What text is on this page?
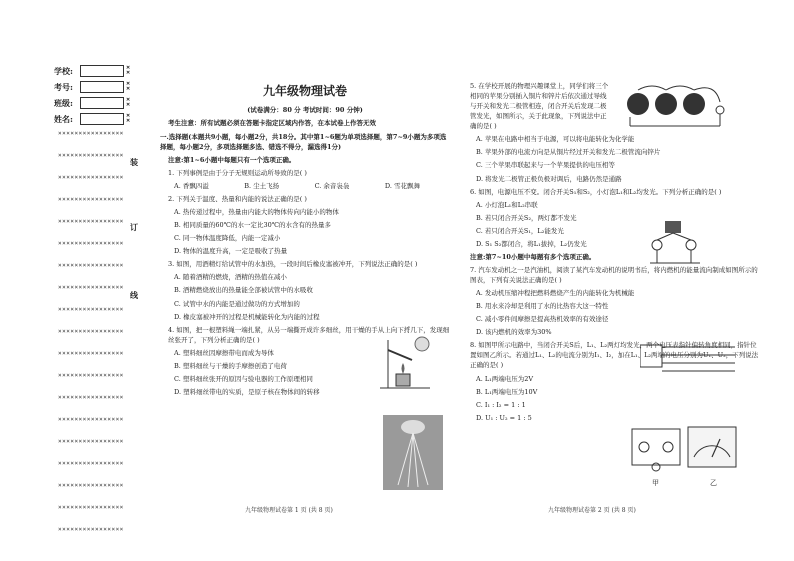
学校:	✕✕
考号:	✕✕
班级:	✕✕
姓名:	✕✕
××××××××××××××××
××××××××××××××××
××××××××××××××××
××××××××××××××××
××××××××××××××××
××××××××××××××××
××××××××××××××××
××××××××××××××××
××××××××××××××××
××××××××××××××××
××××××××××××××××
××××××××××××××××
××××××××××××××××
××××××××××××××××
××××××××××××××××
××××××××××××××××
××××××××××××××××
××××××××××××××××
××××××××××××××××
装
订
线
九年级物理试卷
(试卷满分：80 分 考试时间：90 分钟)
考生注意：所有试题必须在答题卡指定区域内作答，在本试卷上作答无效
一.选择题(本题共9小题，每小题2分，共18分。其中第1~6题为单项选择题，第7~9小题为多项选择题，每小题2分，多项选择题多选、错选不得分，漏选得1分)
注意:第1~6小题中每题只有一个选项正确。
1. 下列事例是由于分子无规则运动所导致的是( )
A. 香飘四溢	B. 尘土飞扬	C. 余音袅袅	D. 雪花飘舞
2. 下列关于温度、热量和内能的说法正确的是( )
A. 热传递过程中，热量由内能大的物体传向内能小的物体
B. 相同质量的60℃的水一定比30℃的水含有的热量多
C. 同一物体温度降低，内能一定减小
D. 物体的温度升高，一定是吸收了热量
3. 如图，用酒精灯给试管中的水加热，一段时间后橡皮塞被冲开，下列说法正确的是( )
A. 随着酒精的燃烧，酒精的热值在减小
B. 酒精燃烧放出的热量能全部被试管中的水吸收
C. 试管中水的内能是通过做功的方式增加的
D. 橡皮塞被冲开的过程是机械能转化为内能的过程
4. 如图，把一根塑料绳一端扎紧，从另一端撕开成许多细丝，用干燥的手从上向下捋几下，发现细丝张开了，下列分析正确的是( )
A. 塑料细丝因摩擦带电而成为导体
B. 塑料细丝与干燥的手摩擦创造了电荷
C. 塑料细丝张开的原因与验电器的工作原理相同
D. 塑料细丝带电的实质，是原子核在物体间的转移
九年级物理试卷第 1 页 (共 8 页)
5. 在学校开展的物理兴趣课堂上，同学们将三个相同的苹果分别插入铜片和锌片后依次通过导线与开关和发光二极管相连，闭合开关后发现二极管发光，如图所示，关于此现象，下列说法中正确的是( )
A. 苹果在电路中相当于电源，可以将电能转化为化学能
B. 苹果外部的电流方向是从铜片经过开关和发光二极管流向锌片
C. 三个苹果串联起来与一个苹果提供的电压相等
D. 将发光二极管正极负极对调后，电路仍然是通路
6. 如图，电源电压不变。闭合开关S₁和S₂，小灯泡L₁和L₂均发光。下列分析正确的是( )
A. 小灯泡L₁和L₂串联
B. 若只闭合开关S₂，两灯都不发光
C. 若只闭合开关S₁，L₂能发光
D. S₁ S₂都闭合，将L₁拔掉，L₂仍发光
注意:第7~10小题中每题有多个选项正确。
7. 汽车发动机之一是汽油机，阅读了某汽车发动机的说明书后，将内燃机的能量流向制成如图所示的图表，下列有关说法正确的是( )
A. 发动机压缩冲程把燃料燃烧产生的内能转化为机械能
B. 用水来冷却是利用了水的比热容大这一特性
C. 减小零件间摩擦是提高热机效率的有效途径
D. 该内燃机的效率为30%
8. 如图甲所示电路中，当闭合开关S后，L₁、L₂两灯均发光，两个电压表指针偏转角度相同，指针位置如图乙所示。若通过L₁、L₂的电流分别为I₁、I₂，加在L₁、L₂两端的电压分别为U₁、U₂，下列说法正确的是( )
A. L₁两端电压为2V
B. L₁两端电压为10V
C. I₁ : I₂ = 1 : 1
D. U₁ : U₂ = 1 : 5
甲	乙
九年级物理试卷第 2 页 (共 8 页)
